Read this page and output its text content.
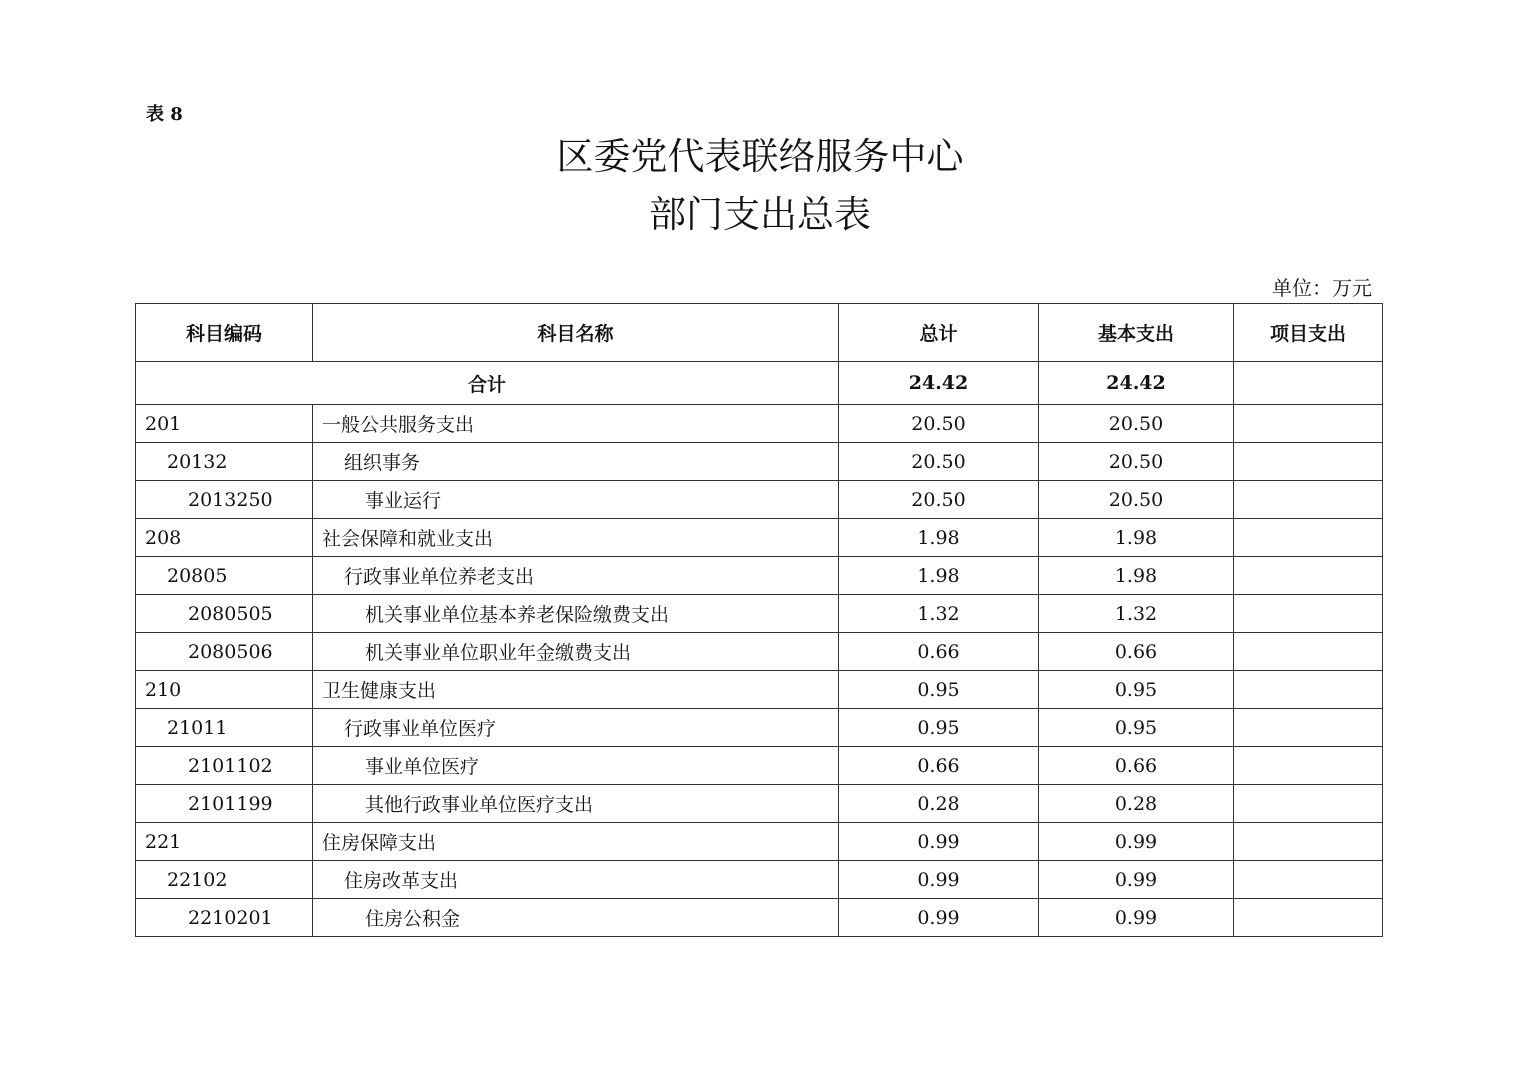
表 8
区委党代表联络服务中心
部门支出总表
单位：万元
科目编码	科目名称	总计	基本支出	项目支出
合计		24.42	24.42	
201	一般公共服务支出	20.50	20.50	
20132	组织事务	20.50	20.50	
2013250	事业运行	20.50	20.50	
208	社会保障和就业支出	1.98	1.98	
20805	行政事业单位养老支出	1.98	1.98	
2080505	机关事业单位基本养老保险缴费支出	1.32	1.32	
2080506	机关事业单位职业年金缴费支出	0.66	0.66	
210	卫生健康支出	0.95	0.95	
21011	行政事业单位医疗	0.95	0.95	
2101102	事业单位医疗	0.66	0.66	
2101199	其他行政事业单位医疗支出	0.28	0.28	
221	住房保障支出	0.99	0.99	
22102	住房改革支出	0.99	0.99	
2210201	住房公积金	0.99	0.99	
